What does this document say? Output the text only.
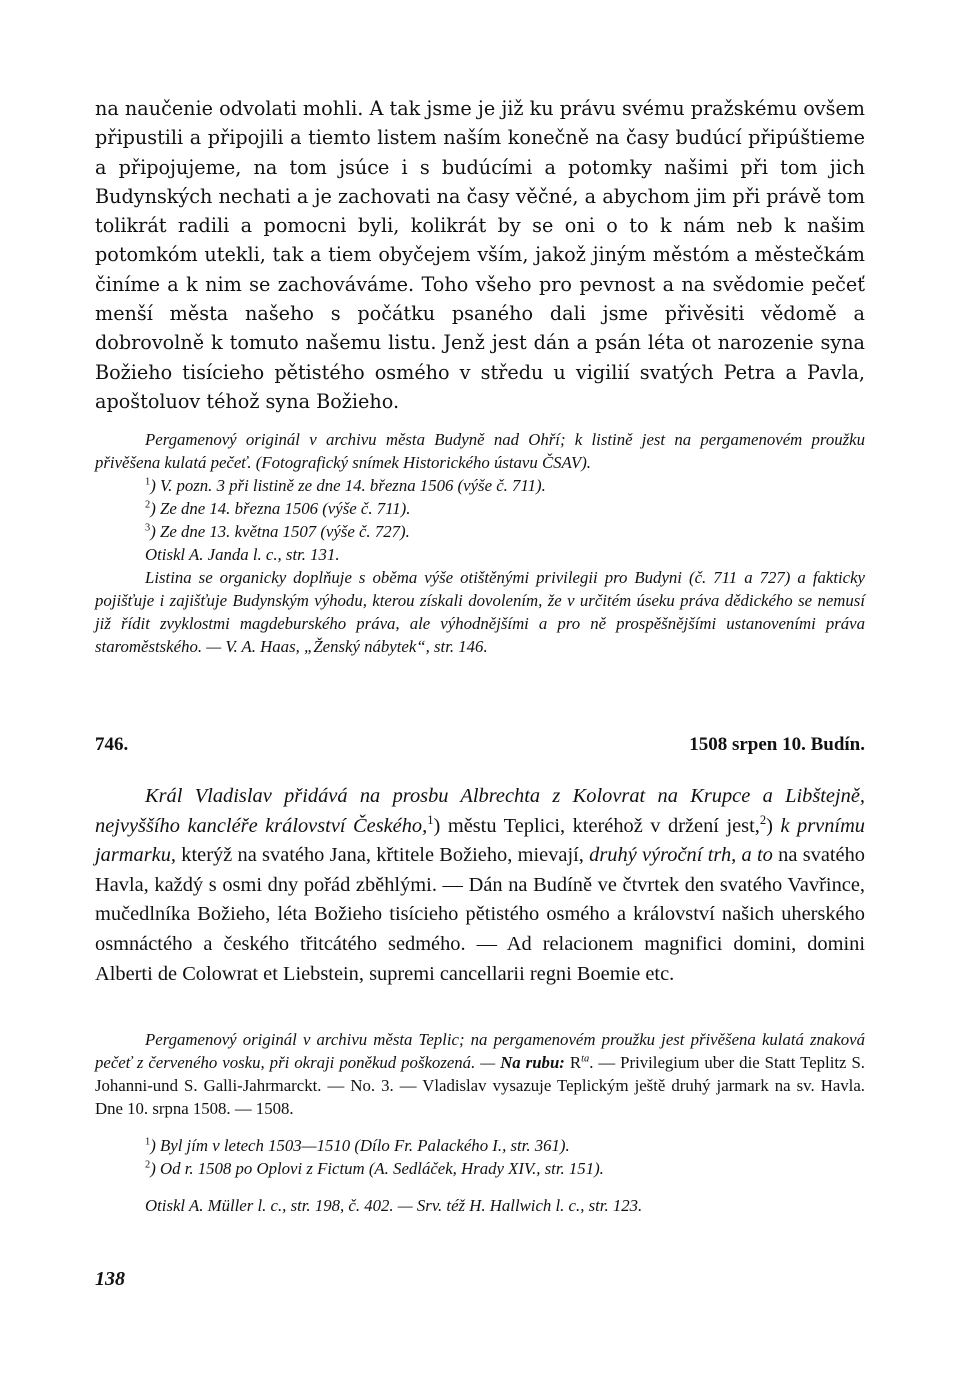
na naučenie odvolati mohli. A tak jsme je již ku právu svému pražskému ovšem připustili a připojili a tiemto listem naším konečně na časy budúcí připúštieme a připojujeme, na tom jsúce i s budúcími a potomky našimi při tom jich Budynských nechati a je zachovati na časy věčné, a abychom jim při právě tom tolikrát radili a pomocni byli, kolikrát by se oni o to k nám neb k našim potomkóm utekli, tak a tiem obyčejem vším, jakož jiným městóm a městečkám činíme a k nim se zachováváme. Toho všeho pro pevnost a na svědomie pečeť menší města našeho s počátku psaného dali jsme přivěsiti vědomě a dobrovolně k tomuto našemu listu. Jenž jest dán a psán léta ot narozenie syna Božieho tisícieho pětistého osmého v středu u vigilií svatých Petra a Pavla, apoštoluov téhož syna Božieho.

Pergamenový originál v archivu města Budyně nad Ohří; k listině jest na pergamenovém proužku přivěšena kulatá pečeť. (Fotografický snímek Historického ústavu ČSAV).
$^1$) V. pozn. 3 při listině ze dne 14. března 1506 (výše č. 711).
$^2$) Ze dne 14. března 1506 (výše č. 711).
$^3$) Ze dne 13. května 1507 (výše č. 727).
Otiskl A. Janda l. c., str. 131.
Listina se organicky doplňuje s oběma výše otištěnými privilegii pro Budyni (č. 711 a 727) a fakticky pojišťuje i zajišťuje Budynským výhodu, kterou získali dovolením, že v určitém úseku práva dědického se nemusí již řídit zvyklostmi magdeburského práva, ale výhodnějšími a pro ně prospěšnějšími ustanoveními práva staroměstského. — V. A. Haas, „Ženský nábytek“, str. 146.
746.	1508 srpen 10. Budín.

Král Vladislav přidává na prosbu Albrechta z Kolovrat na Krupce a Libštejně, nejvyššího kancléře království Českého,$^1$) městu Teplici, kteréhož v držení jest,$^2$) k prvnímu jarmarku, kterýž na svatého Jana, křtitele Božieho, mievají, druhý výroční trh, a to na svatého Havla, každý s osmi dny pořád zběhlými. — Dán na Budíně ve čtvrtek den svatého Vavřince, mučedlníka Božieho, léta Božieho tisícieho pětistého osmého a království našich uherského osmnáctého a českého třitcátého sedmého. — Ad relacionem magnifici domini, domini Alberti de Colowrat et Liebstein, supremi cancellarii regni Boemie etc.

Pergamenový originál v archivu města Teplic; na pergamenovém proužku jest přivěšena kulatá znaková pečeť z červeného vosku, při okraji poněkud poškozená. — Na rubu: $R^{ta}$. — Privilegium uber die Statt Teplitz S. Johanni-und S. Galli-Jahrmarckt. — No. 3. — Vladislav vysazuje Teplickým ještě druhý jarmark na sv. Havla. Dne 10. srpna 1508. — 1508.
$^1$) Byl jím v letech 1503—1510 (Dílo Fr. Palackého I., str. 361).
$^2$) Od r. 1508 po Oplovi z Fictum (A. Sedláček, Hrady XIV., str. 151).
Otiskl A. Müller l. c., str. 198, č. 402. — Srv. též H. Hallwich l. c., str. 123.
138
